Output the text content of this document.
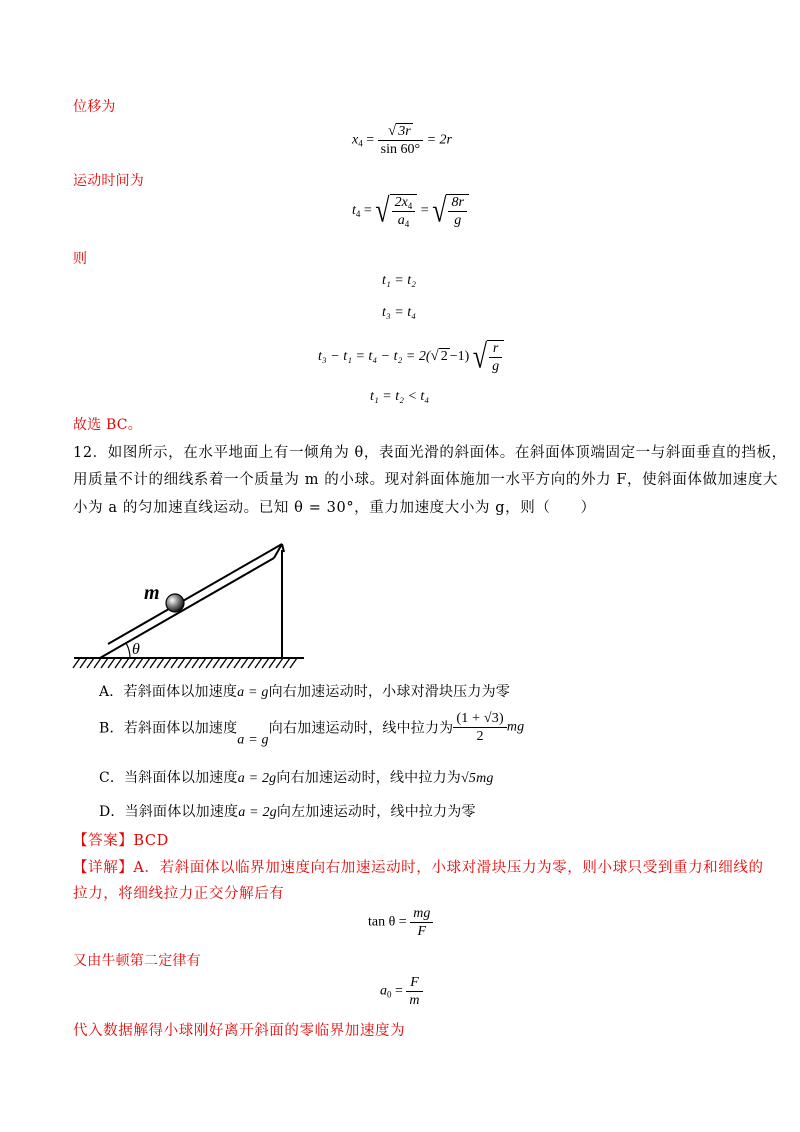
位移为
$x_4 = \frac{√ 3r}{\sin 60^\circ} = 2r$
运动时间为
$t_4$ = √ $\frac{2x_4}{a_4}$ = √ $\frac{8r}{g}$
则
t₁ = t₂
t₃ = t₄
t₃ − t₁ = t₄ − t₂ = 2(√ 2 −1) √ $\frac{r}{g}$
t₁ = t₂ < t₄
故选 BC。
12．如图所示，在水平地面上有一倾角为 θ，表面光滑的斜面体。在斜面体顶端固定一与斜面垂直的挡板，
用质量不计的细线系着一个质量为 m 的小球。现对斜面体施加一水平方向的外力 F，使斜面体做加速度大
小为 a 的匀加速直线运动。已知 θ = 30°，重力加速度大小为 g，则（　　）
m
θ
A．若斜面体以加速度a = g向右加速运动时，小球对滑块压力为零
B．若斜面体以加速度a = g向右加速运动时，线中拉力为 $\frac{(1 + √3)}{2}$ mg
C．当斜面体以加速度a = 2g向右加速运动时，线中拉力为√5mg
D．当斜面体以加速度a = 2g向左加速运动时，线中拉力为零
【答案】BCD
【详解】A．若斜面体以临界加速度向右加速运动时，小球对滑块压力为零，则小球只受到重力和细线的
拉力，将细线拉力正交分解后有
$\tan \theta = \frac{mg}{F}$
又由牛顿第二定律有
$a_0 = \frac{F}{m}$
代入数据解得小球刚好离开斜面的零临界加速度为
